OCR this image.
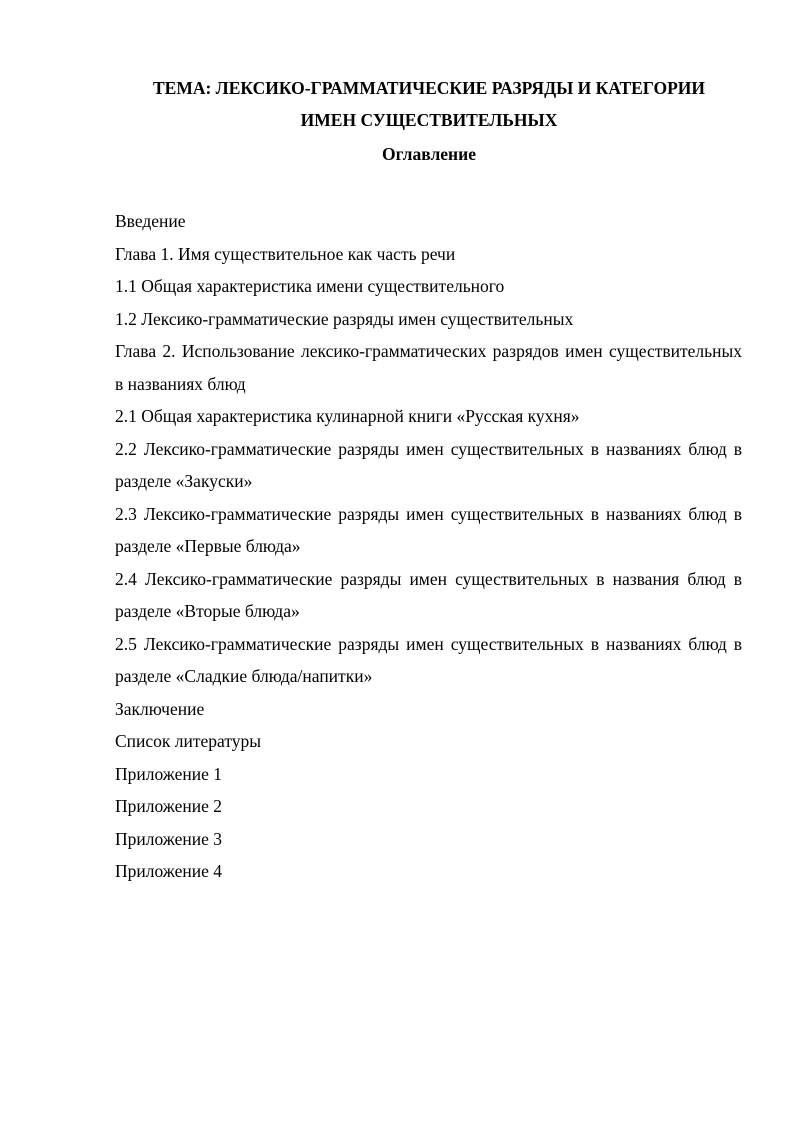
ТЕМА: ЛЕКСИКО-ГРАММАТИЧЕСКИЕ РАЗРЯДЫ И КАТЕГОРИИ
ИМЕН СУЩЕСТВИТЕЛЬНЫХ
Оглавление
Введение
Глава 1. Имя существительное как часть речи
1.1 Общая характеристика имени существительного
1.2 Лексико-грамматические разряды имен существительных
Глава 2. Использование лексико-грамматических разрядов имен существительных в названиях блюд
2.1 Общая характеристика кулинарной книги «Русская кухня»
2.2 Лексико-грамматические разряды имен существительных в названиях блюд в разделе «Закуски»
2.3 Лексико-грамматические разряды имен существительных в названиях блюд в разделе «Первые блюда»
2.4 Лексико-грамматические разряды имен существительных в названия блюд в разделе «Вторые блюда»
2.5 Лексико-грамматические разряды имен существительных в названиях блюд в разделе «Сладкие блюда/напитки»
Заключение
Список литературы
Приложение 1
Приложение 2
Приложение 3
Приложение 4
